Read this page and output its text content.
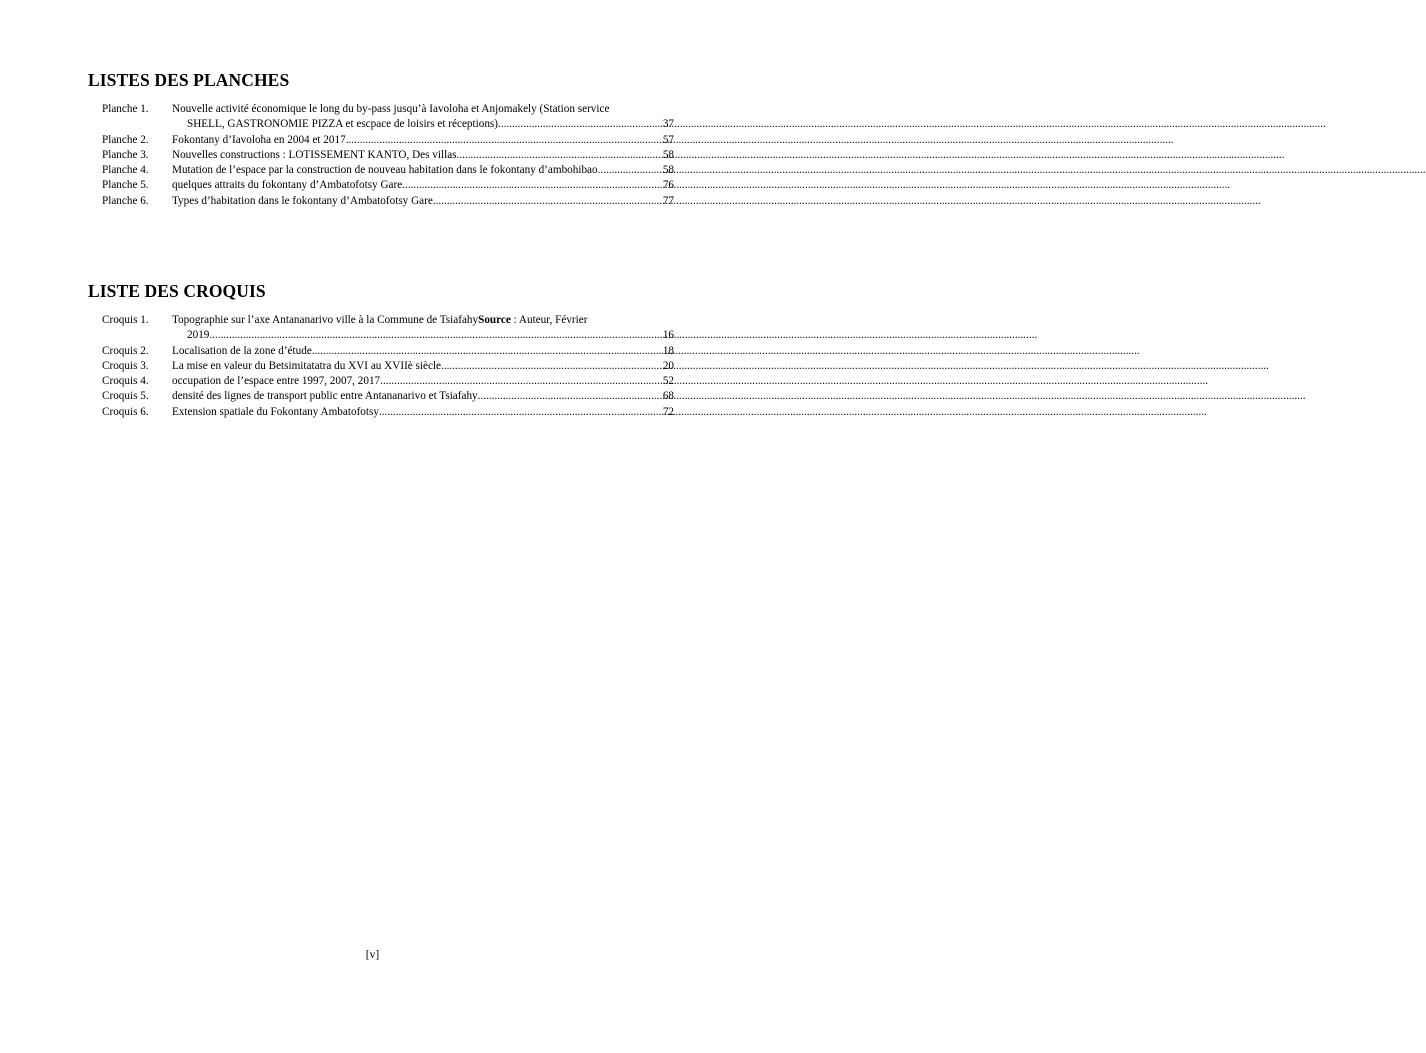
LISTES DES PLANCHES
Planche 1. Nouvelle activité économique le long du by-pass jusqu’à Iavoloha et Anjomakely (Station service
SHELL, GASTRONOMIE PIZZA et escpace de loisirs et réceptions) .....	37
Planche 2. Fokontany d’Iavoloha en 2004 et 2017 .....	57
Planche 3. Nouvelles constructions : LOTISSEMENT KANTO, Des villas .....	58
Planche 4. Mutation de l’espace par la construction de nouveau habitation dans le fokontany d’ambohibao .....	58
Planche 5. quelques attraits du fokontany d’Ambatofotsy Gare .....	76
Planche 6. Types d’habitation dans le fokontany d’Ambatofotsy Gare .....	77
LISTE DES CROQUIS
Croquis 1. Topographie sur l’axe Antananarivo ville à la Commune de TsiafahySource : Auteur, Février
2019 .....	16
Croquis 2. Localisation de la zone d’étude .....	18
Croquis 3. La mise en valeur du Betsimitatatra du XVI au XVIIè siècle .....	20
Croquis 4. occupation de l’espace entre 1997, 2007, 2017 .....	52
Croquis 5. densité des lignes de transport public entre Antananarivo et Tsiafahy .....	68
Croquis 6. Extension spatiale du Fokontany Ambatofotsy .....	72
[v]
